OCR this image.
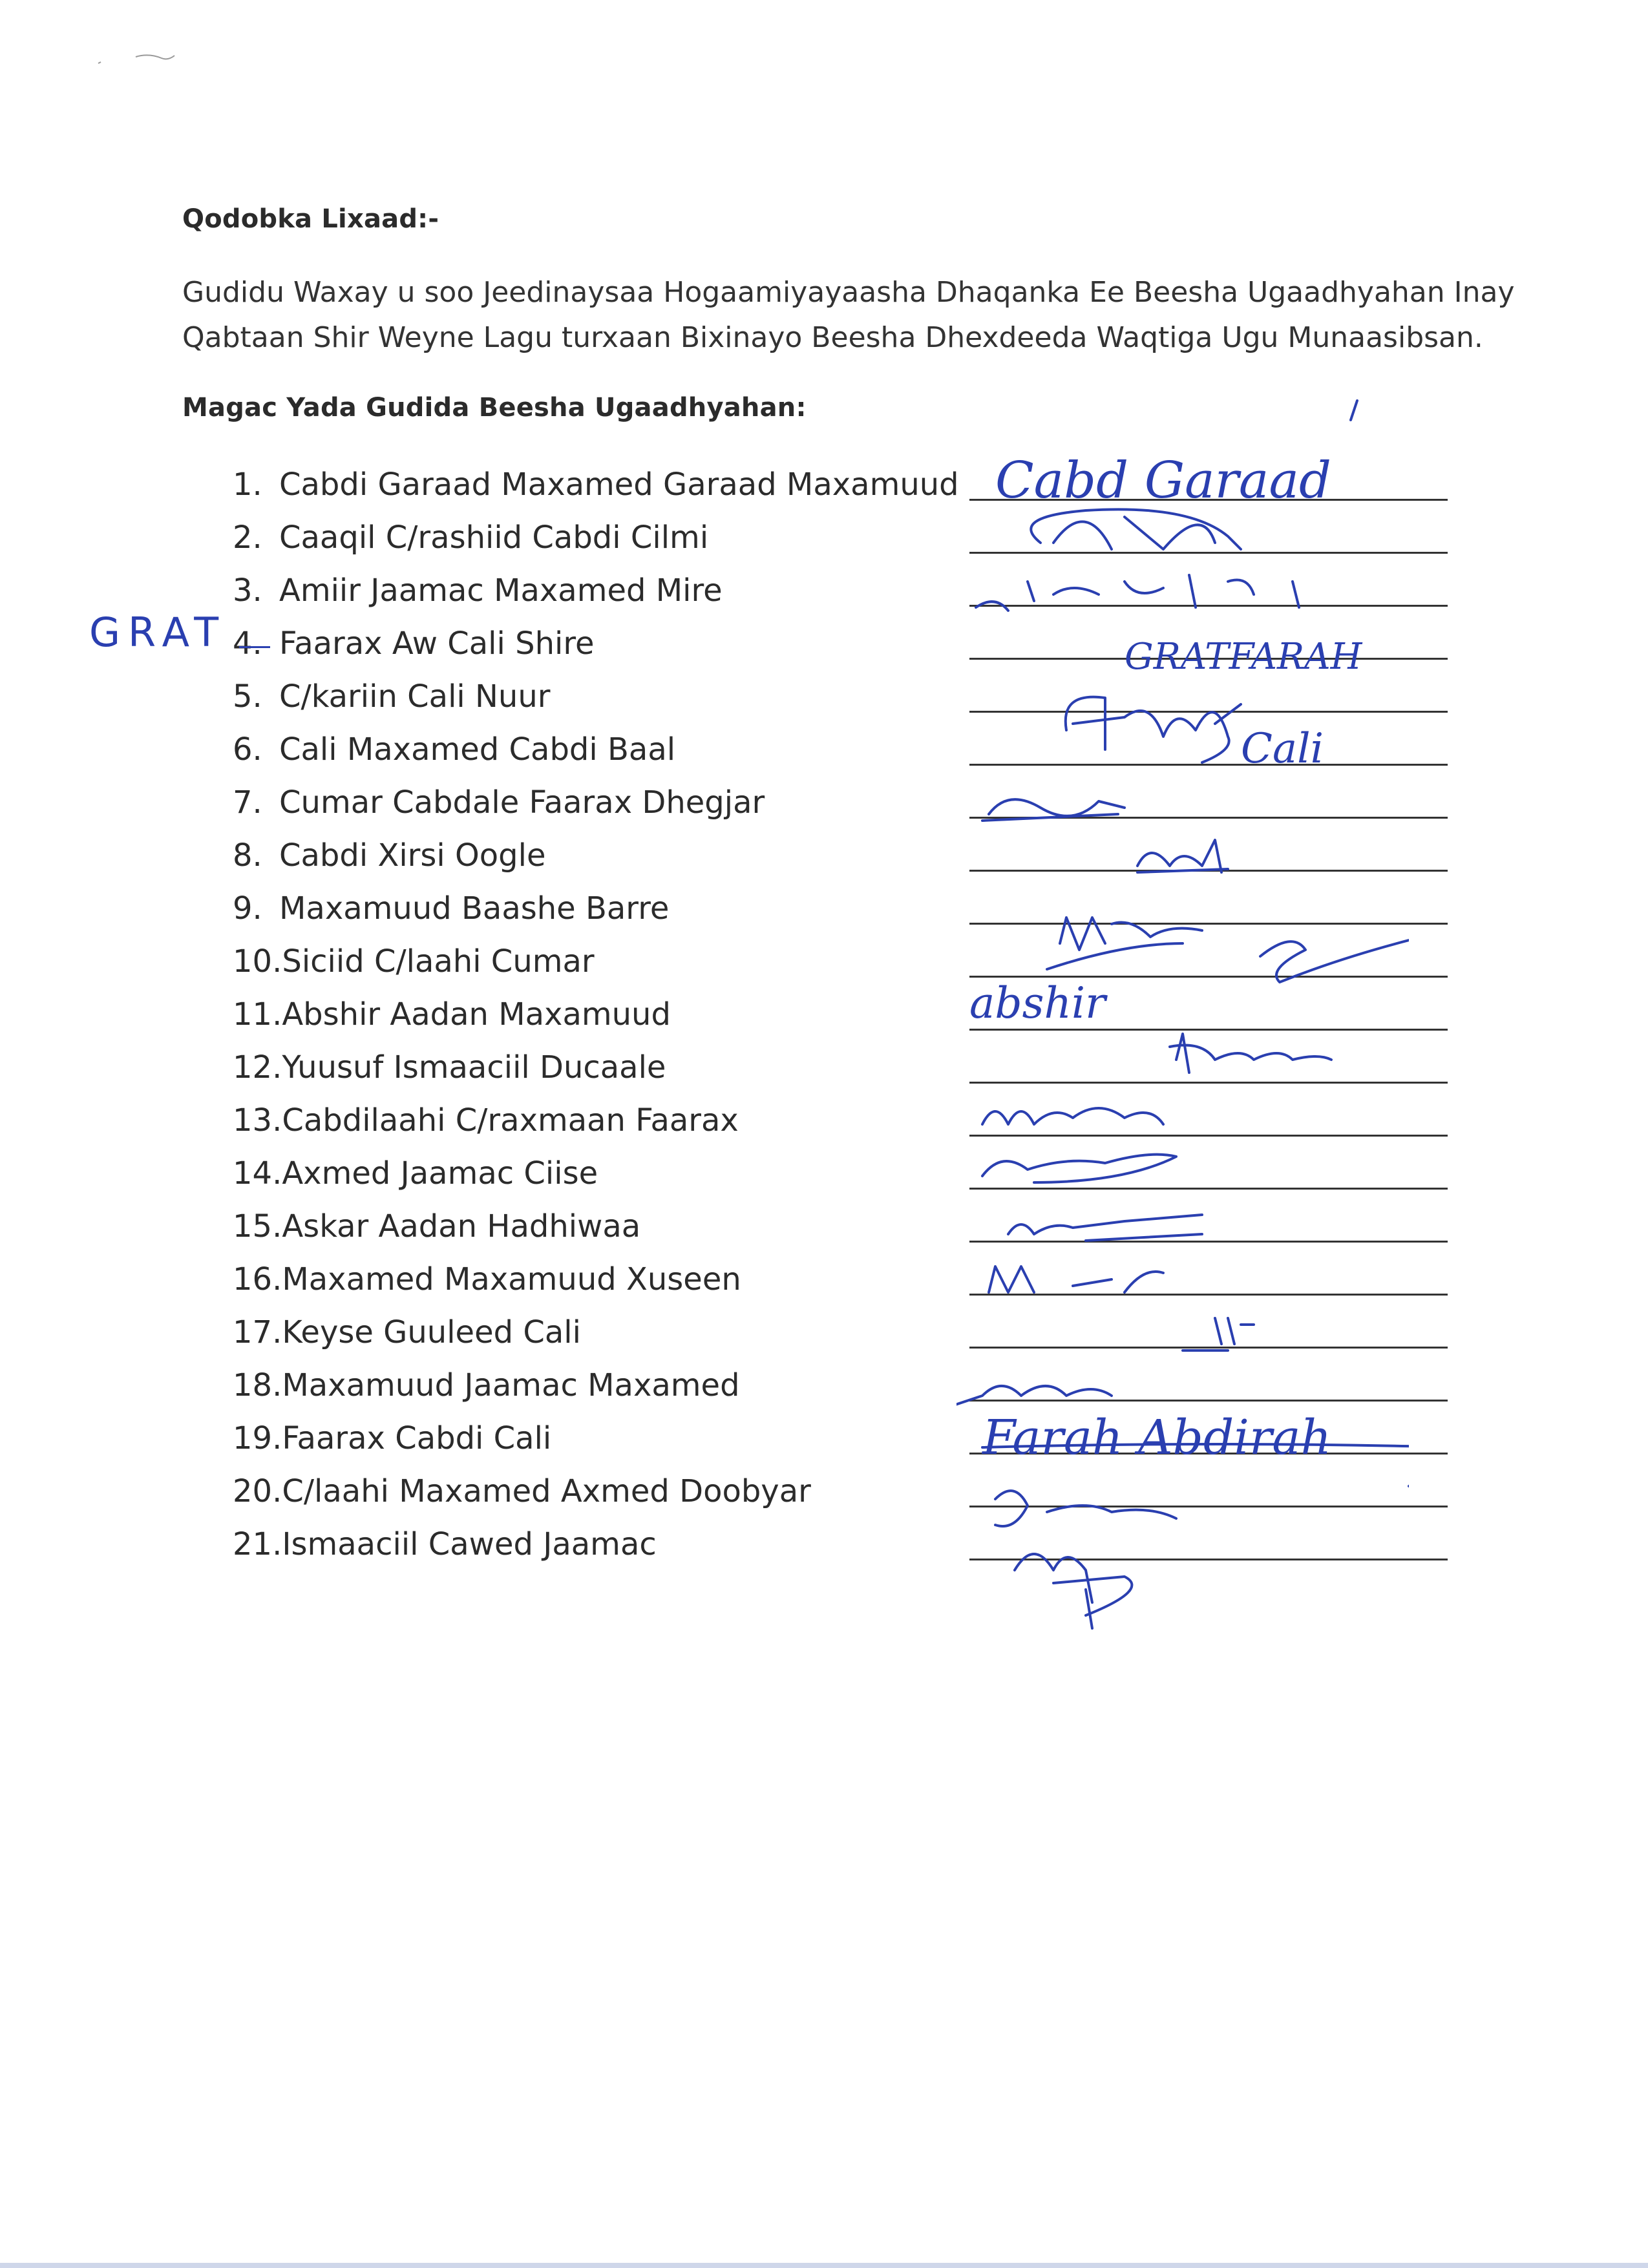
Qodobka Lixaad:-
Gudidu Waxay u soo Jeedinaysaa Hogaamiyayaasha Dhaqanka Ee Beesha Ugaadhyahan Inay
Qabtaan Shir Weyne Lagu turxaan Bixinayo Beesha Dhexdeeda Waqtiga Ugu Munaasibsan.
Magac Yada Gudida Beesha Ugaadhyahan:
1. Cabdi Garaad Maxamed Garaad Maxamuud
2. Caaqil C/rashiid Cabdi Cilmi
3. Amiir Jaamac Maxamed Mire
4. Faarax Aw Cali Shire
5. C/kariin Cali Nuur
6. Cali Maxamed Cabdi Baal
7. Cumar Cabdale Faarax Dhegjar
8. Cabdi Xirsi Oogle
9. Maxamuud Baashe Barre
10.Siciid C/laahi Cumar
11.Abshir Aadan Maxamuud
12.Yuusuf Ismaaciil Ducaale
13.Cabdilaahi C/raxmaan Faarax
14.Axmed Jaamac Ciise
15.Askar Aadan Hadhiwaa
16.Maxamed Maxamuud Xuseen
17.Keyse Guuleed Cali
18.Maxamuud Jaamac Maxamed
19.Faarax Cabdi Cali
20.C/laahi Maxamed Axmed Doobyar
21.Ismaaciil Cawed Jaamac
GRAT
Cabd Garaad
GRATFARAH
Cali
abshir
Farah Abdirah
